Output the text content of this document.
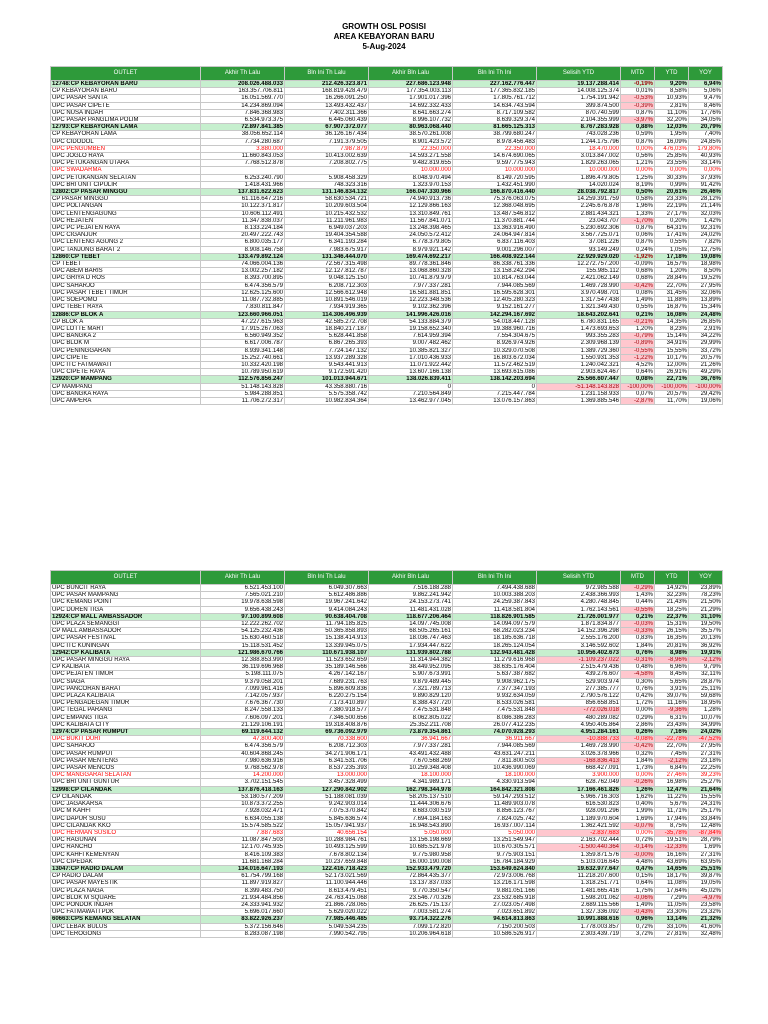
GROWTH OSL POSISI
AREA KEBAYORAN BARU
5-Aug-2024
OUTLET	Akhir Th Lalu	Bln Ini Th Lalu	Akhir Bln Lalu	Bln Ini Th Ini	Selisih YTD	MTD	YTD	YOY
12748:CP KEBAYORAN BARU	208.026.488.033	212.426.323.871	227.686.123.948	227.162.776.447	19.137.288.414	-0,19%	9,20%	6,94%
CP KEBAYORAN BARU	163.357.706.811	168.819.428.479	177.354.003.113	177.365.832.185	14.008.125.374	0,01%	8,58%	5,06%
UPC PASAR SANTA	16.051.569.770	16.266.091.250	17.901.017.396	17.805.761.712	1.754.191.942	-0,53%	10,93%	9,47%
UPC PASAR CIPETE	14.234.869.094	13.493.432.437	14.692.332.433	14.634.743.594	399.874.500	-0,39%	2,81%	8,46%
UPC NUSA INDAH	7.846.368.983	7.402.311.366	8.641.663.274	8.717.109.582	870.740.599	0,87%	11,10%	17,76%
UPC PASAR PANGLIMA POLIM	6.534.973.375	6.445.060.439	8.996.107.732	8.639.329.374	2.104.355.999	-3,97%	32,20%	34,05%
12793:CP KEBAYORAN LAMA	72.897.841.385	67.907.372.077	80.963.068.440	81.665.125.313	8.767.283.928	0,88%	12,03%	20,79%
CP KEBAYORAN LAMA	38.056.652.114	36.126.167.434	38.570.261.008	38.799.680.247	743.028.236	0,59%	1,95%	7,40%
UPC CIDODOL	7.734.280.687	7.191.379.505	8.901.423.572	8.978.456.483	1.244.175.796	0,87%	16,09%	24,85%
UPC PENGUMBEN	3.880.000	7.987.879	22.350.000	22.350.000	18.470.000	0,00%	476,03%	179,80%
UPC JOGLO RAYA	11.660.843.053	10.413.002.639	14.593.271.558	14.674.690.065	3.013.847.002	0,56%	25,85%	40,93%
UPC PETUKANGAN UTARA	7.768.512.878	7.208.802.775	9.482.819.655	9.597.775.943	1.829.263.065	1,21%	23,55%	33,14%
UPC SWADARMA			10.000.000	10.000.000	10.000.000	0,00%	0,00%	0,00%
UPC PETUKANGAN SELATAN	6.253.240.790	5.908.458.329	8.048.970.494	8.149.720.595	1.896.479.805	1,25%	30,33%	37,93%
UPC BRI UNIT CIPULIR	1.418.431.966	748.323.316	1.323.970.153	1.432.451.990	14.020.024	8,19%	0,99%	91,42%
12802:CP PASAR MINGGU	137.831.622.623	131.146.834.132	166.047.330.966	166.870.416.440	28.038.792.817	0,50%	20,61%	26,46%
CP PASAR MINGGU	61.116.647.216	58.630.534.721	74.940.913.736	75.376.063.075	14.259.391.759	0,58%	23,33%	28,12%
UPC POLTANGAN	10.122.371.817	10.209.603.504	12.129.866.163	12.368.048.695	2.245.676.878	1,96%	22,19%	21,14%
UPC LENTENGAGUNG	10.606.112.491	10.215.432.532	13.310.849.761	13.487.546.812	2.881.434.321	1,33%	27,17%	32,03%
UPC REJATEN	11.347.838.037	11.211.961.983	11.567.841.071	11.370.881.744	23.043.707	-1,70%	0,20%	1,42%
UPC PC PEJATEN RAYA	8.133.224.184	6.949.037.203	13.248.398.465	13.363.916.490	5.230.692.306	0,87%	64,31%	92,31%
UPC CIGANJUR	20.497.222.743	19.404.354.588	24.050.572.412	24.064.947.814	3.567.725.071	0,06%	17,41%	24,02%
UPC LENTENG AGUNG 2	6.800.035.177	6.341.193.284	6.778.379.805	6.837.116.403	37.081.226	0,87%	0,55%	7,82%
UPC TANJUNG BARAT 2	8.908.146.758	7.983.675.917	8.979.921.142	9.001.296.007	93.149.249	0,24%	1,05%	12,75%
12860:CP TEBET	133.479.892.124	131.346.444.070	169.474.692.217	166.408.922.144	22.929.929.020	-1,92%	17,18%	19,08%
CP TEBET	74.066.004.136	72.567.315.498	89.778.361.846	86.338.761.336	12.272.757.200	-0,09%	16,57%	18,98%
UPC ABEM BARIS	13.002.257.182	12.127.812.787	13.068.860.328	13.158.242.294	155.985.112	0,68%	1,20%	8,50%
UPC GRIYA D ROS	8.393.700.895	9.048.125.150	10.741.879.979	10.814.763.044	2.421.062.149	0,68%	28,84%	19,52%
UPC SAHARJO	6.474.356.579	6.208.712.303	7.977.337.281	7.944.085.569	1.469.728.990	-0,42%	22,70%	27,95%
UPC PASAR TEBET TIMUR	12.625.125.600	12.566.612.948	16.581.881.851	16.595.628.301	3.970.498.701	0,08%	31,45%	32,06%
UPC SOEPOMO	11.087.732.885	10.891.546.019	12.223.348.536	12.405.280.323	1.317.547.438	1,49%	11,88%	13,89%
UPC TEBET RAYA	7.830.811.847	7.934.919.365	9.102.362.396	9.152.161.277	1.321.349.430	0,55%	16,87%	15,34%
12886:CP BLOK A	123.660.966.051	114.306.496.939	141.996.426.016	142.294.167.692	18.643.202.641	0,21%	16,08%	24,48%
CP BLOK A	47.227.615.963	42.585.272.708	54.133.884.379	54.018.447.128	6.780.831.165	-0,21%	14,35%	26,85%
UPC LOTTE MART	17.915.267.063	18.840.217.187	19.158.652.340	19.388.960.716	1.473.693.653	1,20%	8,23%	2,91%
UPC BANGKA 2	6.560.949.352	5.628.441.858	7.614.959.394	7.554.304.675	993.355.283	-0,79%	15,14%	34,22%
UPC BLOK M	6.617.006.787	6.867.265.393	9.007.482.462	8.926.974.926	2.309.968.139	-0,89%	34,91%	29,99%
UPC PENINGGARAN	8.939.341.148	7.724.147.132	10.385.821.327	10.329.070.508	1.389.729.360	-0,55%	15,55%	33,72%
UPC CIPETE	15.252.740.661	13.937.289.328	17.010.436.933	16.803.672.034	1.550.931.353	-1,22%	10,17%	20,57%
UPC ITC FATMAWATI	10.332.420.198	9.543.441.913	11.071.922.442	11.572.462.519	1.240.042.321	4,52%	12,00%	21,26%
UPC CIPETE RAYA	10.789.950.619	9.172.591.420	13.607.166.138	13.693.615.086	2.903.624.467	0,64%	26,91%	49,29%
12920:CP MAMPANG	112.576.856.247	101.013.944.671	138.026.839.411	138.142.203.694	25.566.607.447	0,08%	22,71%	36,76%
CP MAMPANG	51.148.143.828	43.358.880.716	0	0	-51.148.143.828	-100,00%	-100,00%	-100,00%
UPC BANGKA RAYA	5.984.288.851	5.575.358.742	7.210.564.849	7.215.447.784	1.231.158.933	0,07%	20,57%	29,42%
UPC AMPERA	11.706.272.317	10.982.834.364	13.462.977.045	13.076.157.863	1.369.885.546	-2,87%	11,70%	19,06%
OUTLET	Akhir Th Lalu	Bln Ini Th Lalu	Akhir Bln Lalu	Bln Ini Th Ini	Selisih YTD	MTD	YTD	YOY
UPC BUNCIT RAYA	6.521.453.100	6.049.307.663	7.516.188.288	7.494.438.688	972.985.588	-0,29%	14,92%	23,89%
UPC PASAR MAMPANG	7.565.021.210	5.612.486.886	9.862.241.942	10.003.388.203	2.438.366.993	1,43%	32,23%	78,23%
UPC KEMANG POINT	19.978.638.598	19.967.241.642	24.153.273.741	24.259.387.843	4.280.748.845	0,44%	21,43%	21,50%
UPC DUREN TIGA	9.656.438.243	9.414.084.243	11.481.431.028	11.418.581.804	1.762.143.561	-0,55%	18,25%	21,29%
12924:CP MALL AMBASSADOR	97.100.899.608	90.638.404.708	118.677.206.464	118.826.901.585	21.726.001.977	0,21%	22,37%	31,10%
UPC PLAZA SEMANGGI	12.222.262.702	11.794.185.825	14.097.745.008	14.094.097.579	1.871.834.877	-0,03%	15,31%	19,50%
CP MALL AMBASSADOR	54.125.232.436	50.365.858.893	68.505.265.161	68.282.023.234	14.152.396.298	-0,33%	26,15%	35,57%
UPC PASAR FESTIVAL	15.630.460.518	15.138.414.913	18.036.747.463	18.185.636.718	2.555.176.200	0,83%	16,35%	20,13%
UPC ITC KUNINGAN	15.118.531.452	13.339.945.075	17.934.447.622	18.265.124.054	3.146.592.602	1,84%	20,81%	36,92%
12942:CP KALIBATA	121.986.670.766	110.671.938.107	131.939.802.788	132.943.481.428	10.956.402.673	0,76%	8,98%	19,91%
UPC PASAR MINGGU RAYA	12.388.853.990	11.523.652.659	11.314.944.382	11.279.616.968	-1.109.237.022	-0,31%	-8,96%	-2,12%
CP KALIBATA	36.119.696.968	35.189.146.566	38.449.952.095	38.635.176.404	2.515.479.436	0,48%	6,96%	9,79%
UPC PEJATEN TIMUR	5.198.111.075	4.267.142.167	5.907.673.991	5.637.387.682	439.276.607	-4,58%	8,45%	32,11%
UPC SIAGA	9.379.058.201	7.689.231.763	9.879.489.445	9.908.962.175	529.903.974	0,30%	5,65%	28,87%
UPC PANCORAN BARAT	7.099.961.416	5.896.609.836	7.321.789.713	7.377.347.193	277.385.777	0,76%	3,91%	25,11%
UPC PLAZA KALIBATA	7.142.057.937	6.220.275.154	9.890.829.120	9.932.634.059	2.790.576.122	0,42%	39,07%	59,68%
UPC PENGADEGAN TIMUR	7.676.367.730	7.173.410.897	8.388.437.720	8.533.026.581	856.658.851	1,72%	11,16%	18,95%
UPC TEGAL PARANG	8.247.558.133	7.380.918.577	7.475.531.848	7.475.531.848	-772.026.018	0,00%	-9,36%	1,28%
UPC EMPANG TIGA	7.606.097.201	7.346.500.656	8.062.805.022	8.086.386.283	480.289.082	0,29%	6,31%	10,07%
UPC KALIBATA CITY	21.129.106.191	19.318.408.876	25.352.211.708	26.077.412.235	4.950.405.864	2,86%	23,43%	34,99%
12974:CP PASAR RUMPUT	69.119.644.132	69.736.092.979	73.879.354.861	74.070.928.293	4.951.284.161	0,26%	7,16%	24,02%
UPC BUKIT DURI	47.800.400	70.338.600	36.941.667	36.911.667	-10.888.733	-0,08%	-22,78%	-47,52%
UPC SAHARJO	6.474.356.579	6.208.712.303	7.977.337.281	7.944.085.569	1.469.728.990	-0,42%	22,70%	27,95%
UPC PASAR RUMPUT	40.604.868.245	34.271.906.171	43.491.432.488	43.631.247.211	3.026.378.966	0,32%	7,45%	27,31%
UPC PASAR MENTENG	7.980.636.916	6.341.531.706	7.670.568.269	7.811.800.503	-168.836.413	1,84%	-2,12%	23,18%
UPC PASAR MENCOS	9.768.562.978	8.537.235.393	10.259.348.408	10.436.990.069	668.427.091	1,73%	6,84%	22,25%
UPC MANGGARAI SELATAN	14.200.000	13.000.000	18.100.000	18.100.000	3.900.000	0,00%	27,46%	39,23%
UPC BRI UNIT GUNTUR	3.702.151.545	3.457.328.499	4.341.989.171	4.330.913.594	628.762.049	-0,26%	16,98%	25,27%
12998:CP CILANDAK	137.876.418.163	127.290.842.902	162.798.344.978	164.842.321.808	17.166.461.826	1,26%	12,47%	21,64%
CP CILANDAK	53.180.577.209	51.188.081.039	58.205.137.510	59.147.293.512	5.966.716.303	1,62%	11,22%	15,55%
UPC JAGAKARSA	10.873.372.255	9.242.903.014	11.444.306.676	11.489.903.078	616.530.823	0,40%	5,67%	24,31%
UPC M KAHFI	7.928.032.471	7.075.370.842	8.683.030.519	8.856.123.767	928.091.296	1,99%	11,71%	25,17%
UPC DAPUR SUSU	6.634.055.138	5.845.636.574	7.694.184.163	7.824.025.742	1.189.970.604	1,69%	17,94%	33,84%
UPC CILANDAK KKO	15.574.585.522	15.057.941.937	16.948.543.890	16.937.007.114	1.362.421.592	-0,07%	8,75%	12,48%
UPC HERMAN SUSILO	7.887.683	40.656.154	5.050.000	5.050.000	-2.837.683	0,00%	-35,78%	-87,84%
UPC RAGUNAN	11.087.847.503	10.288.984.761	13.156.198.669	13.251.549.947	2.163.702.444	0,72%	19,51%	28,79%
UPC RANCHO	12.170.745.935	10.493.125.599	10.685.521.978	10.670.305.571	-1.500.440.364	-0,14%	-12,33%	1,69%
UPC KAHFI KEMENYAN	8.416.109.383	7.678.802.134	9.775.980.958	9.775.903.151	1.359.871.576	-0,00%	16,16%	27,31%
UPC CIPEDAK	11.681.168.284	10.237.659.848	16.000.190.008	16.784.184.929	5.103.016.645	4,48%	43,69%	63,95%
13047:CP RADIO DALAM	134.016.647.193	122.416.718.423	152.933.479.720	153.649.624.840	19.632.977.647	0,47%	14,65%	25,51%
CP RADIO DALAM	61.754.799.168	52.173.021.569	72.864.435.377	72.973.006.768	11.218.207.600	0,15%	18,17%	39,87%
UPC PASAR MAYESTIK	11.897.919.827	11.100.944.446	13.137.837.033	13.216.171.598	1.318.251.771	0,64%	11,08%	19,05%
UPC PLAZA NAGA	8.399.483.750	8.613.479.451	9.770.350.547	9.881.051.166	1.481.665.416	1,75%	17,64%	45,02%
UPC BLOK M SQUARE	21.934.484.856	24.763.415.068	23.546.770.326	23.532.685.918	1.598.201.062	-0,06%	7,29%	-4,97%
UPC PONDOK INDAH	24.333.941.932	21.866.728.065	26.625.715.137	27.023.057.498	2.689.115.566	1,49%	11,05%	23,58%
UPC FATMAWATI PDK	5.696.017.660	5.629.020.022	7.003.581.274	7.023.651.892	1.327.336.092	-0,43%	23,30%	23,32%
60663:CPS KEMANG SELATAN	83.822.926.237	77.985.446.485	93.714.322.276	94.614.813.863	10.991.888.616	0,96%	13,14%	21,32%
UPC LEBAK BULUS	5.372.156.646	5.049.534.235	7.099.172.820	7.150.200.503	1.778.003.857	0,72%	33,10%	41,60%
UPC TEROGONG	8.283.087.198	7.990.542.795	10.206.964.618	10.586.526.917	2.303.439.719	3,72%	27,81%	32,48%
